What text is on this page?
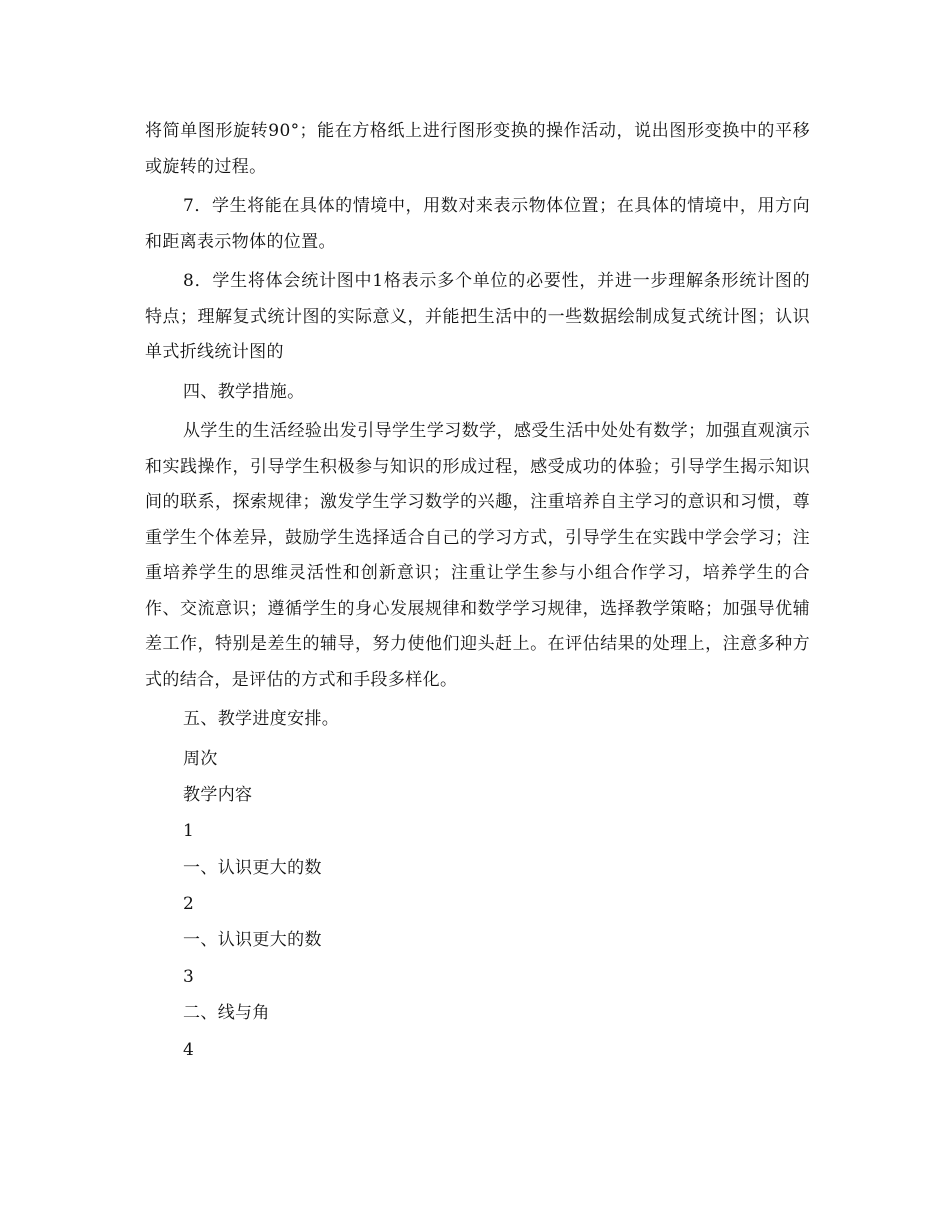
将简单图形旋转90°；能在方格纸上进行图形变换的操作活动，说出图形变换中的平移或旋转的过程。

7．学生将能在具体的情境中，用数对来表示物体位置；在具体的情境中，用方向和距离表示物体的位置。

8．学生将体会统计图中1格表示多个单位的必要性，并进一步理解条形统计图的特点；理解复式统计图的实际意义，并能把生活中的一些数据绘制成复式统计图；认识单式折线统计图的

四、教学措施。

从学生的生活经验出发引导学生学习数学，感受生活中处处有数学；加强直观演示和实践操作，引导学生积极参与知识的形成过程，感受成功的体验；引导学生揭示知识间的联系，探索规律；激发学生学习数学的兴趣，注重培养自主学习的意识和习惯，尊重学生个体差异，鼓励学生选择适合自己的学习方式，引导学生在实践中学会学习；注重培养学生的思维灵活性和创新意识；注重让学生参与小组合作学习，培养学生的合作、交流意识；遵循学生的身心发展规律和数学学习规律，选择教学策略；加强导优辅差工作，特别是差生的辅导，努力使他们迎头赶上。在评估结果的处理上，注意多种方式的结合，是评估的方式和手段多样化。

五、教学进度安排。

周次

教学内容

1

一、认识更大的数

2

一、认识更大的数

3

二、线与角

4
